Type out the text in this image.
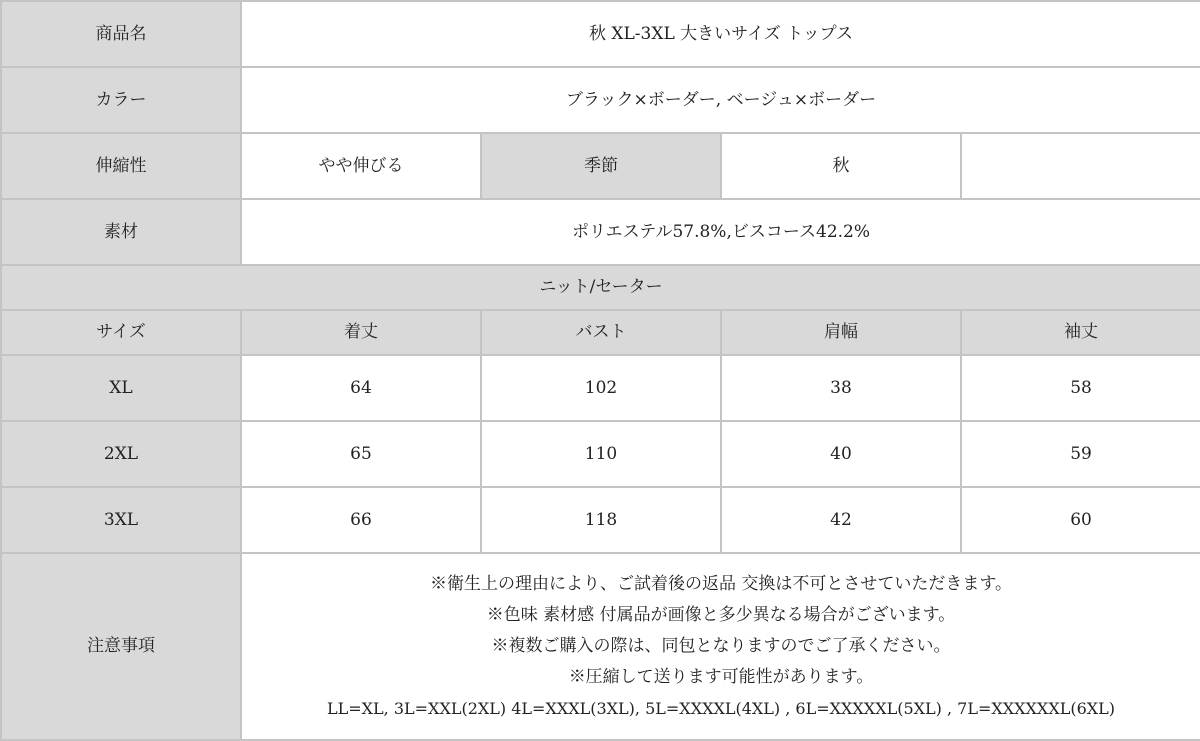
商品名	秋 XL-3XL 大きいサイズ トップス			
カラー	ブラック×ボーダー, ベージュ×ボーダー			
伸縮性	やや伸びる	季節	秋	
素材	ポリエステル57.8%,ビスコース42.2%			
ニット/セーター				
サイズ	着丈	バスト	肩幅	袖丈
XL	64	102	38	58
2XL	65	110	40	59
3XL	66	118	42	60
注意事項	※衛生上の理由により、ご試着後の返品 交換は不可とさせていただきます。
※色味 素材感 付属品が画像と多少異なる場合がございます。
※複数ご購入の際は、同包となりますのでご了承ください。
※圧縮して送ります可能性があります。
LL=XL, 3L=XXL(2XL) 4L=XXXL(3XL), 5L=XXXXL(4XL) , 6L=XXXXXL(5XL) , 7L=XXXXXXL(6XL)			
